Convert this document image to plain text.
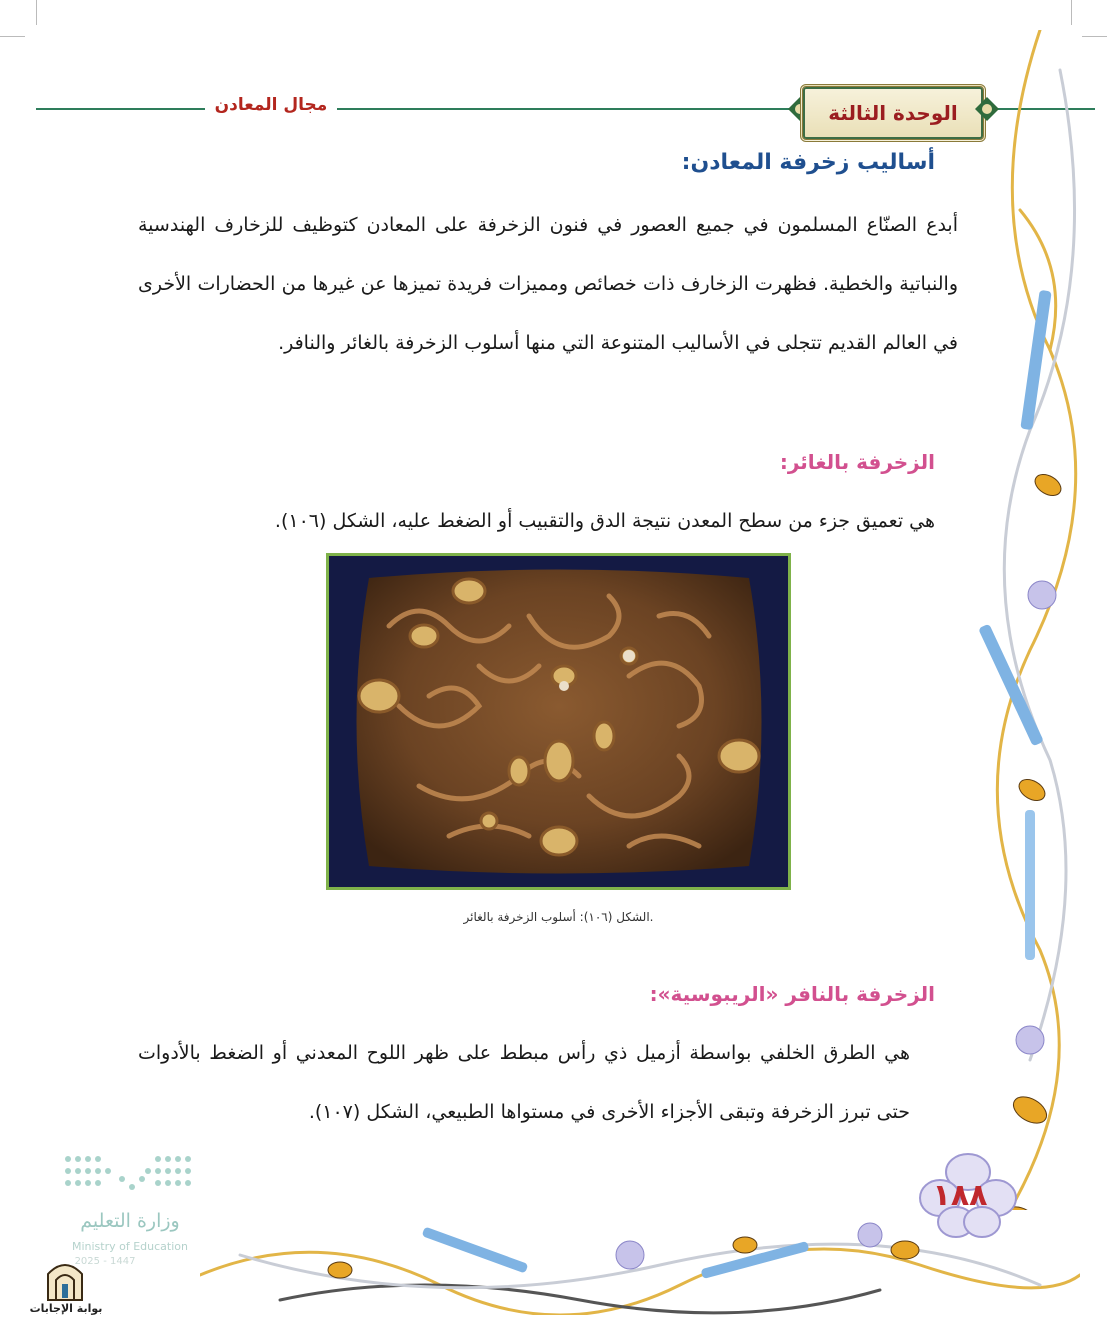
مجال المعادن	الوحدة الثالثة
أساليب زخرفة المعادن:
أبدع الصنّاع المسلمون في جميع العصور في فنون الزخرفة على المعادن كتوظيف للزخارف الهندسية والنباتية والخطية. فظهرت الزخارف ذات خصائص ومميزات فريدة تميزها عن غيرها من الحضارات الأخرى في العالم القديم تتجلى في الأساليب المتنوعة التي منها أسلوب الزخرفة بالغائر والنافر.
الزخرفة بالغائر:
هي تعميق جزء من سطح المعدن نتيجة الدق والتقبيب أو الضغط عليه، الشكل (١٠٦).
الشكل (١٠٦): أسلوب الزخرفة بالغائر.
الزخرفة بالنافر «الريبوسية»:
هي الطرق الخلفي بواسطة أزميل ذي رأس مبطط على ظهر اللوح المعدني أو الضغط بالأدوات حتى تبرز الزخرفة وتبقى الأجزاء الأخرى في مستواها الطبيعي، الشكل (١٠٧).
١٨٨
وزارة التعليم
Ministry of Education
2025 - 1447
بوابة الإجابات
